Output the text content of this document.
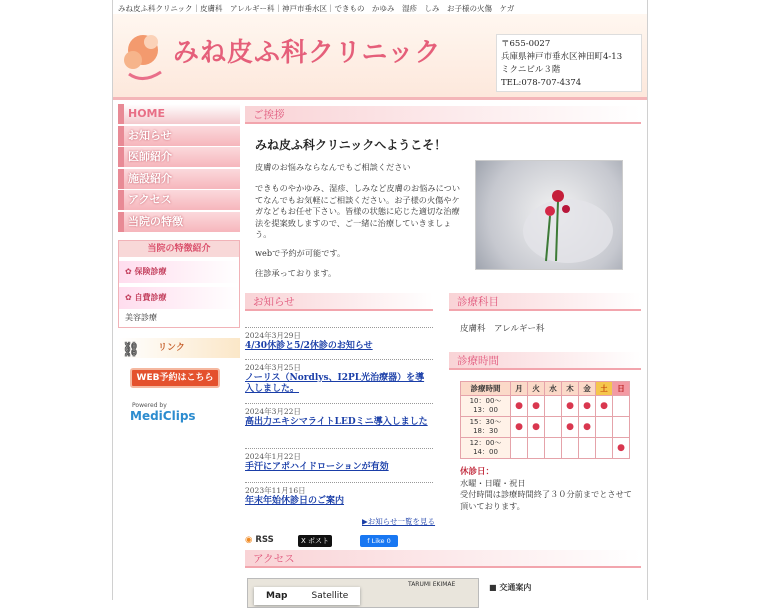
みね皮ふ科クリニック｜皮膚科　アレルギー科｜神戸市垂水区｜できもの　かゆみ　湿疹　しみ　お子様の火傷　ケガ
みね皮ふ科クリニック	〒655-0027
兵庫県神戸市垂水区神田町4-13
ミクニビル３階
TEL:078-707-4374
HOME
お知らせ
医師紹介
施設紹介
アクセス
当院の特徴
当院の特徴紹介
✿ 保険診療
✿ 自費診療
美容診療
⛓ リンク
WEB予約はこちら
Powered by
MediClips
ご挨拶
みね皮ふ科クリニックへようこそ！
皮膚のお悩みならなんでもご相談ください
できものやかゆみ、湿疹、しみなど皮膚のお悩みについてなんでもお気軽にご相談ください。お子様の火傷やケガなどもお任せ下さい。皆様の状態に応じた適切な治療法を提案致しますので、ご一緒に治療していきましょう。
webで予約が可能です。
往診承っております。
お知らせ
2024年3月29日
4/30休診と5/2休診のお知らせ
2024年3月25日
ノーリス（Nordlys、I2PL光治療器）を導入しました。
2024年3月22日
高出力エキシマライトLEDミニ導入しました
2024年1月22日
手汗にアポハイドローションが有効
2023年11月16日
年末年始休診日のご案内
▶お知らせ一覧を見る
◉ RSS	X ポスト	f Like 0
診療科目
皮膚科　アレルギー科
診療時間
診療時間	月	火	水	木	金	土	日
10：00～
13：00	●	●		●	●	●	
15：30～
18：30	●	●		●	●		
12：00～
14：00							●
休診日：
水曜・日曜・祝日
受付時間は診療時間終了３０分前までとさせて頂いております。
アクセス
TARUMI EKIMAE
Map	Satellite
■ 交通案内
